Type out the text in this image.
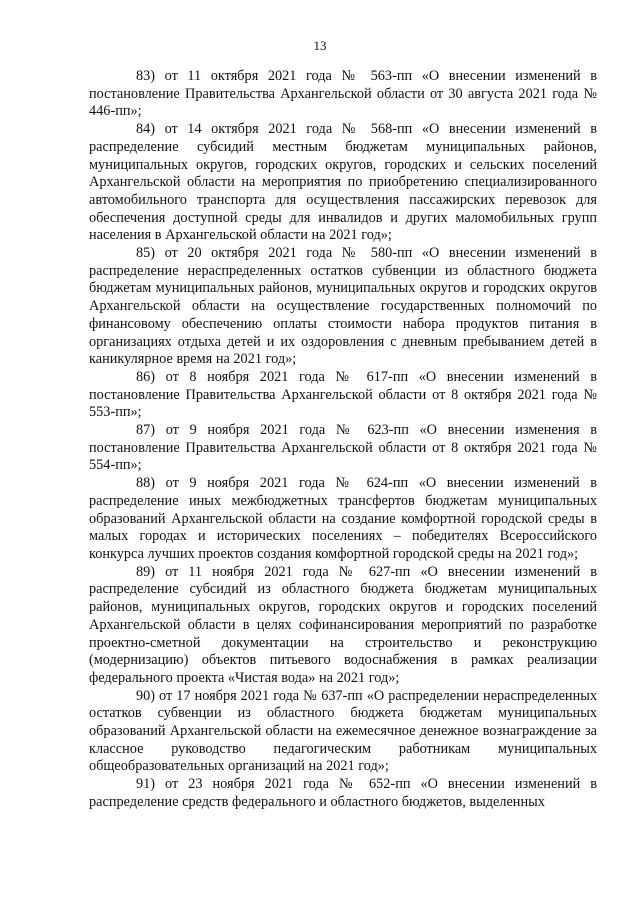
13

83) от 11 октября 2021 года № 563-пп «О внесении изменений в постановление Правительства Архангельской области от 30 августа 2021 года № 446-пп»;

84) от 14 октября 2021 года № 568-пп «О внесении изменений в распределение субсидий местным бюджетам муниципальных районов, муниципальных округов, городских округов, городских и сельских поселений Архангельской области на мероприятия по приобретению специализированного автомобильного транспорта для осуществления пассажирских перевозок для обеспечения доступной среды для инвалидов и других маломобильных групп населения в Архангельской области на 2021 год»;

85) от 20 октября 2021 года № 580-пп «О внесении изменений в распределение нераспределенных остатков субвенции из областного бюджета бюджетам муниципальных районов, муниципальных округов и городских округов Архангельской области на осуществление государственных полномочий по финансовому обеспечению оплаты стоимости набора продуктов питания в организациях отдыха детей и их оздоровления с дневным пребыванием детей в каникулярное время на 2021 год»;

86) от 8 ноября 2021 года № 617-пп «О внесении изменений в постановление Правительства Архангельской области от 8 октября 2021 года № 553-пп»;

87) от 9 ноября 2021 года № 623-пп «О внесении изменения в постановление Правительства Архангельской области от 8 октября 2021 года № 554-пп»;

88) от 9 ноября 2021 года № 624-пп «О внесении изменений в распределение иных межбюджетных трансфертов бюджетам муниципальных образований Архангельской области на создание комфортной городской среды в малых городах и исторических поселениях – победителях Всероссийского конкурса лучших проектов создания комфортной городской среды на 2021 год»;

89) от 11 ноября 2021 года № 627-пп «О внесении изменений в распределение субсидий из областного бюджета бюджетам муниципальных районов, муниципальных округов, городских округов и городских поселений Архангельской области в целях софинансирования мероприятий по разработке проектно-сметной документации на строительство и реконструкцию (модернизацию) объектов питьевого водоснабжения в рамках реализации федерального проекта «Чистая вода» на 2021 год»;

90) от 17 ноября 2021 года № 637-пп «О распределении нераспределенных остатков субвенции из областного бюджета бюджетам муниципальных образований Архангельской области на ежемесячное денежное вознаграждение за классное руководство педагогическим работникам муниципальных общеобразовательных организаций на 2021 год»;

91) от 23 ноября 2021 года № 652-пп «О внесении изменений в распределение средств федерального и областного бюджетов, выделенных
